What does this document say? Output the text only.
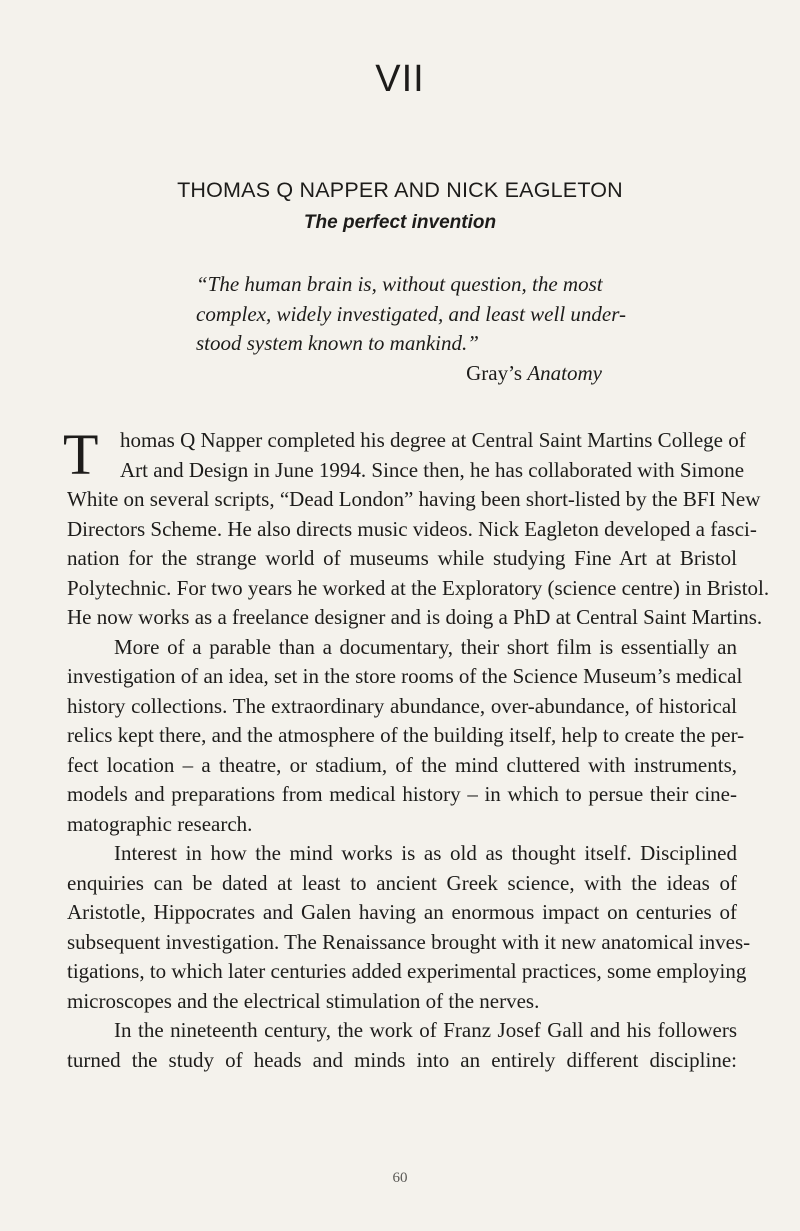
VII
THOMAS Q NAPPER AND NICK EAGLETON
The perfect invention
“The human brain is, without question, the most
complex, widely investigated, and least well under-
stood system known to mankind.”
Gray’s Anatomy
T	homas Q Napper completed his degree at Central Saint Martins College of
Art and Design in June 1994. Since then, he has collaborated with Simone
White on several scripts, “Dead London” having been short-listed by the BFI New
Directors Scheme. He also directs music videos. Nick Eagleton developed a fasci-
nation for the strange world of museums while studying Fine Art at Bristol
Polytechnic. For two years he worked at the Exploratory (science centre) in Bristol.
He now works as a freelance designer and is doing a PhD at Central Saint Martins.
More of a parable than a documentary, their short film is essentially an
investigation of an idea, set in the store rooms of the Science Museum’s medical
history collections. The extraordinary abundance, over-abundance, of historical
relics kept there, and the atmosphere of the building itself, help to create the per-
fect location – a theatre, or stadium, of the mind cluttered with instruments,
models and preparations from medical history – in which to persue their cine-
matographic research.
Interest in how the mind works is as old as thought itself. Disciplined
enquiries can be dated at least to ancient Greek science, with the ideas of
Aristotle, Hippocrates and Galen having an enormous impact on centuries of
subsequent investigation. The Renaissance brought with it new anatomical inves-
tigations, to which later centuries added experimental practices, some employing
microscopes and the electrical stimulation of the nerves.
In the nineteenth century, the work of Franz Josef Gall and his followers
turned the study of heads and minds into an entirely different discipline:
60
